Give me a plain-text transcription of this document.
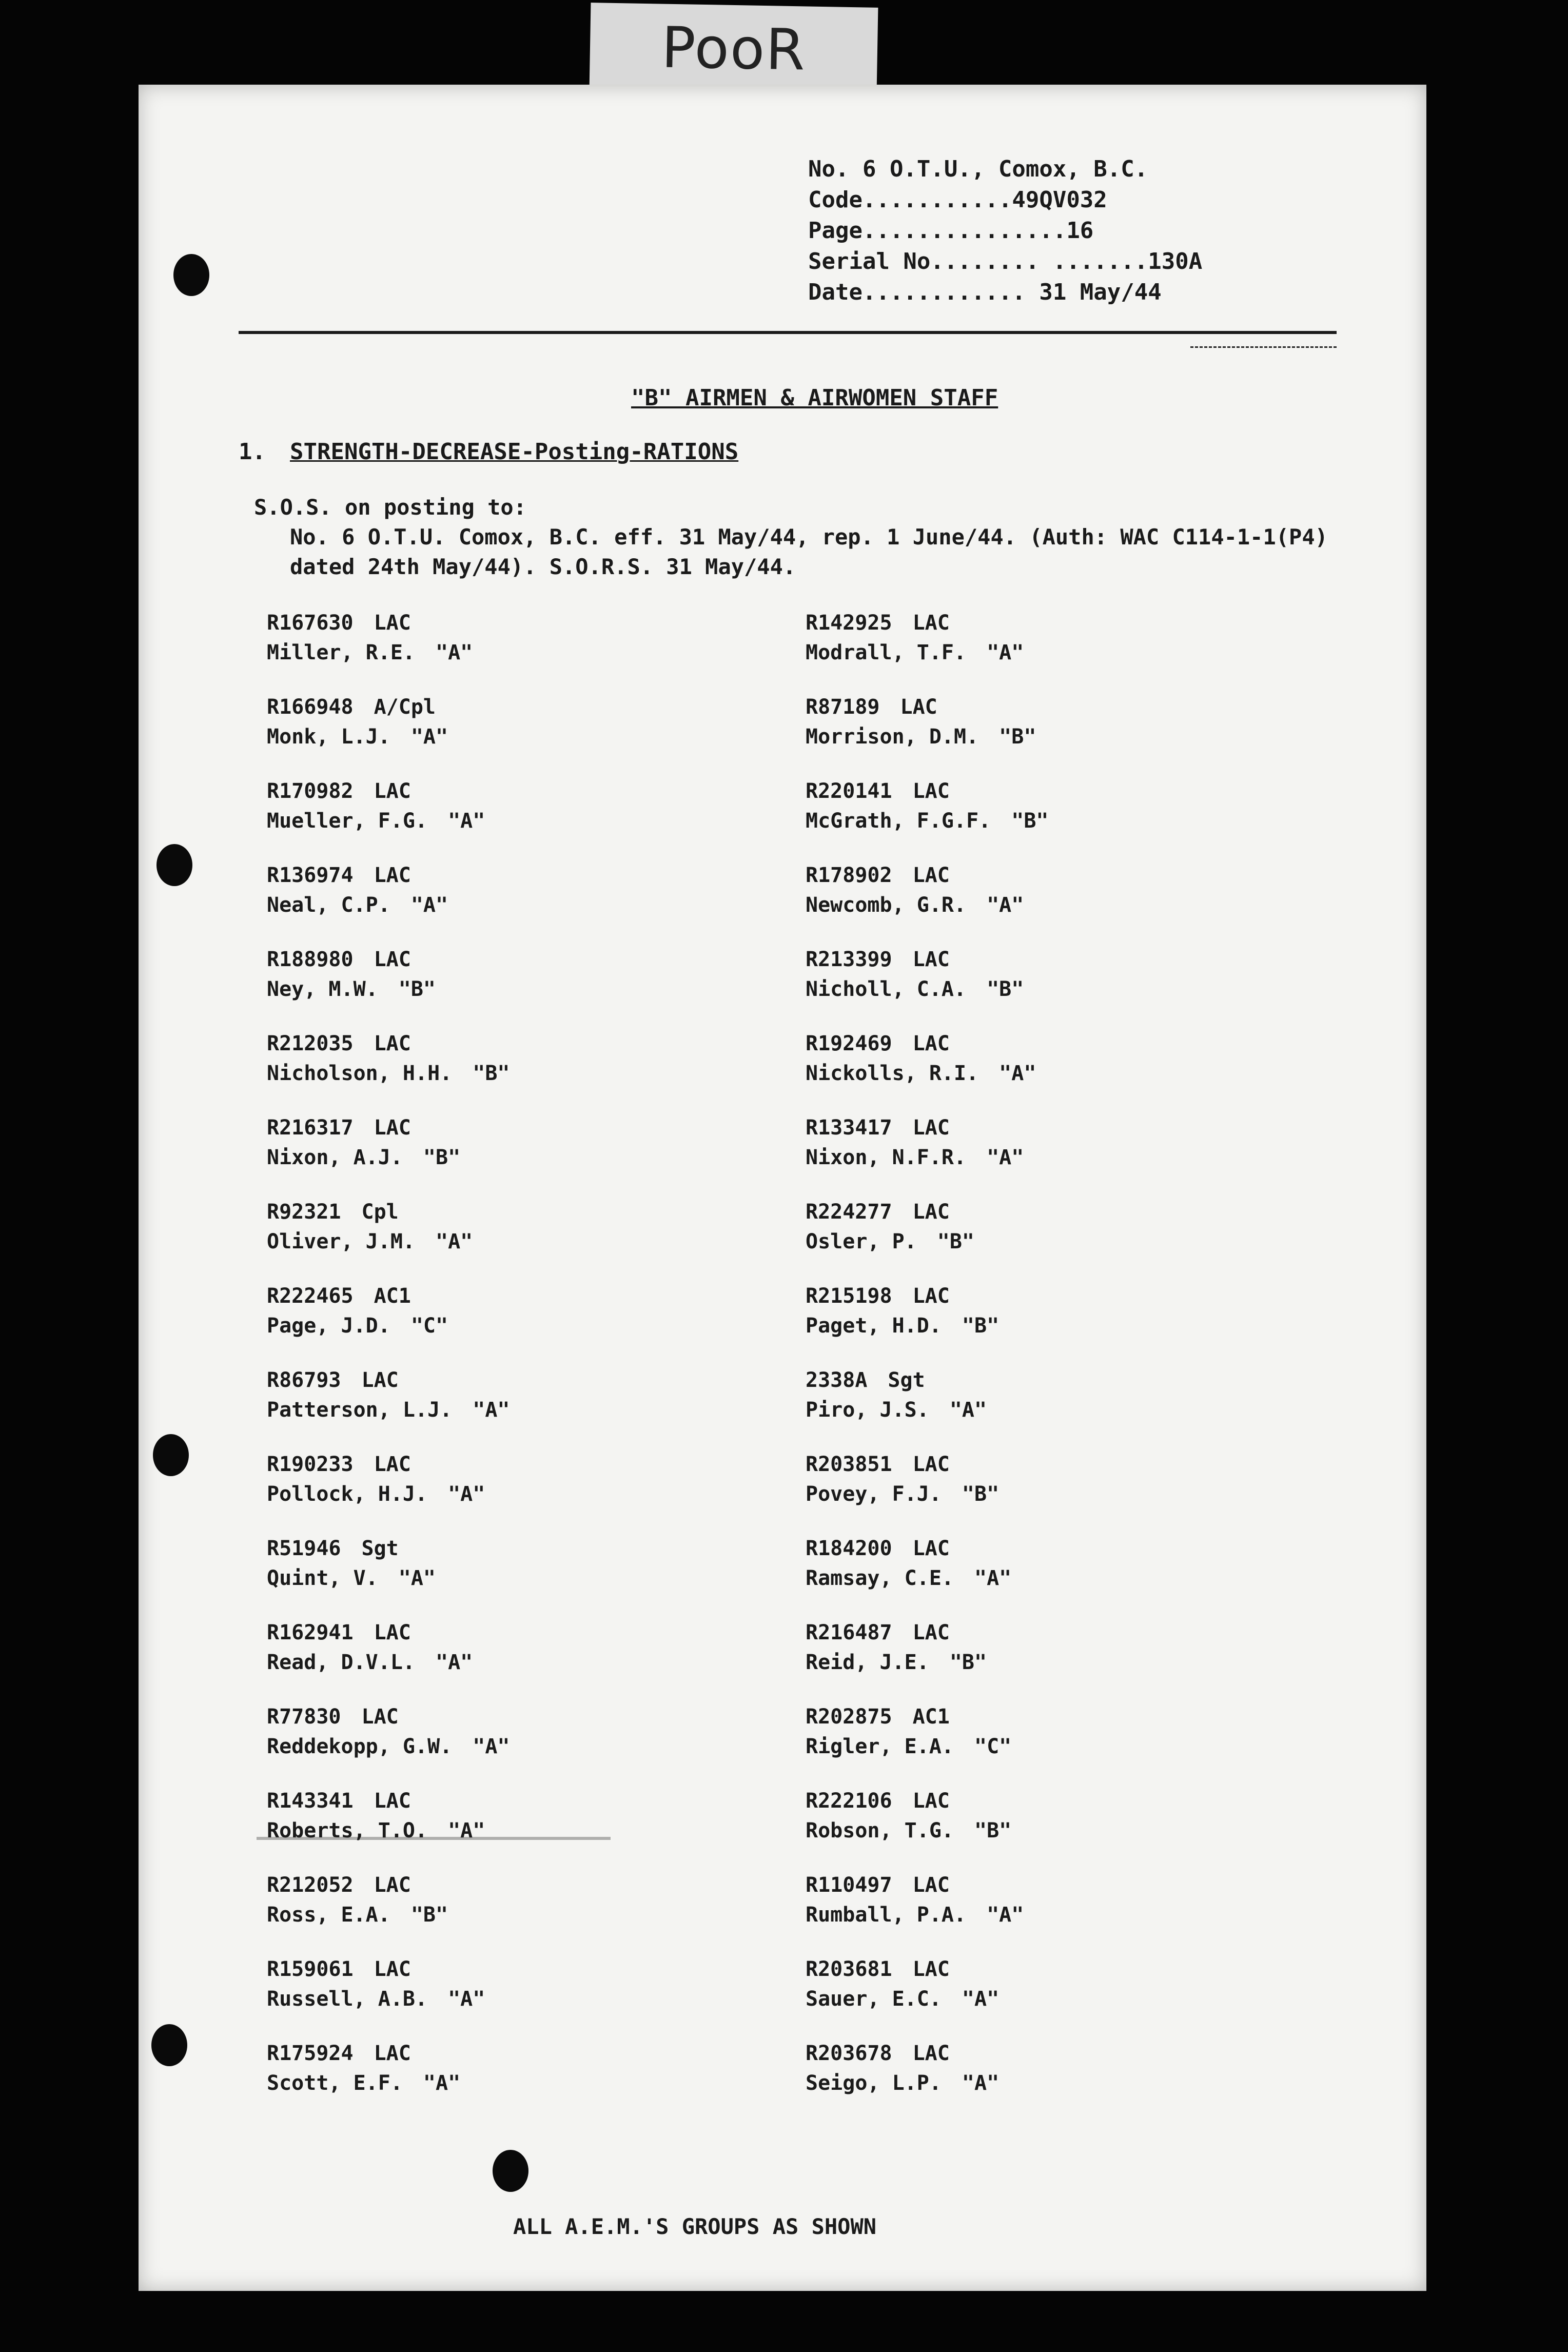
PooR
No. 6 O.T.U., Comox, B.C.
Code...........49QV032
Page...............16
Serial No........ .......130A
Date............ 31 May/44
"B" AIRMEN & AIRWOMEN STAFF
1. STRENGTH-DECREASE-Posting-RATIONS
S.O.S. on posting to:
No. 6 O.T.U. Comox, B.C. eff. 31 May/44, rep. 1 June/44. (Auth: WAC C114-1-1(P4)
dated 24th May/44). S.O.R.S. 31 May/44.
R167630 LAC
Miller, R.E. "A"
R166948 A/Cpl
Monk, L.J. "A"
R170982 LAC
Mueller, F.G. "A"
R136974 LAC
Neal, C.P. "A"
R188980 LAC
Ney, M.W. "B"
R212035 LAC
Nicholson, H.H. "B"
R216317 LAC
Nixon, A.J. "B"
R92321 Cpl
Oliver, J.M. "A"
R222465 AC1
Page, J.D. "C"
R86793 LAC
Patterson, L.J. "A"
R190233 LAC
Pollock, H.J. "A"
R51946 Sgt
Quint, V. "A"
R162941 LAC
Read, D.V.L. "A"
R77830 LAC
Reddekopp, G.W. "A"
R143341 LAC
Roberts, T.O. "A"
R212052 LAC
Ross, E.A. "B"
R159061 LAC
Russell, A.B. "A"
R175924 LAC
Scott, E.F. "A"
R142925 LAC
Modrall, T.F. "A"
R87189 LAC
Morrison, D.M. "B"
R220141 LAC
McGrath, F.G.F. "B"
R178902 LAC
Newcomb, G.R. "A"
R213399 LAC
Nicholl, C.A. "B"
R192469 LAC
Nickolls, R.I. "A"
R133417 LAC
Nixon, N.F.R. "A"
R224277 LAC
Osler, P. "B"
R215198 LAC
Paget, H.D. "B"
2338A Sgt
Piro, J.S. "A"
R203851 LAC
Povey, F.J. "B"
R184200 LAC
Ramsay, C.E. "A"
R216487 LAC
Reid, J.E. "B"
R202875 AC1
Rigler, E.A. "C"
R222106 LAC
Robson, T.G. "B"
R110497 LAC
Rumball, P.A. "A"
R203681 LAC
Sauer, E.C. "A"
R203678 LAC
Seigo, L.P. "A"
ALL A.E.M.'S GROUPS AS SHOWN
